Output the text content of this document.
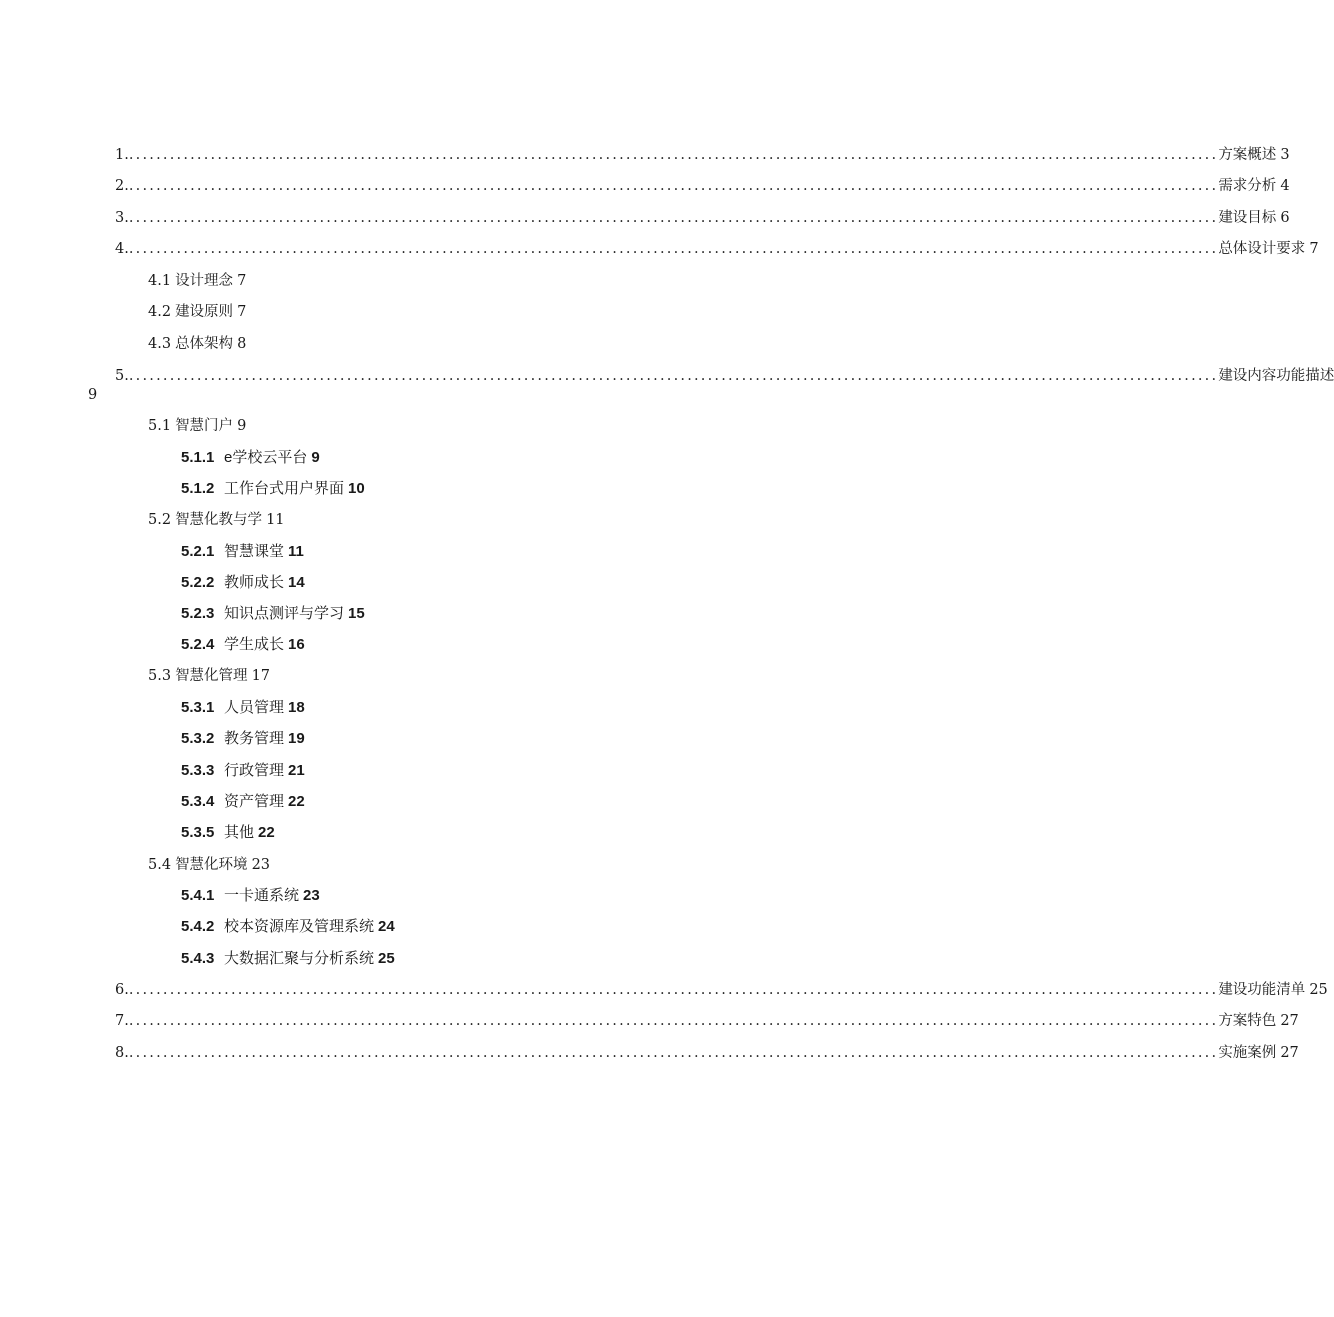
1. ................................................................................................................................................................ 方案概述 3
2. ................................................................................................................................................................ 需求分析 4
3. ................................................................................................................................................................ 建设目标 6
4. ................................................................................................................................................................ 总体设计要求 7
4.1 设计理念 7
4.2 建设原则 7
4.3 总体架构 8
5. ................................................................................................................................................................ 建设内容功能描述
9
5.1 智慧门户 9
5.1.1 e学校云平台 9
5.1.2 工作台式用户界面 10
5.2 智慧化教与学 11
5.2.1 智慧课堂 11
5.2.2 教师成长 14
5.2.3 知识点测评与学习 15
5.2.4 学生成长 16
5.3 智慧化管理 17
5.3.1 人员管理 18
5.3.2 教务管理 19
5.3.3 行政管理 21
5.3.4 资产管理 22
5.3.5 其他 22
5.4 智慧化环境 23
5.4.1 一卡通系统 23
5.4.2 校本资源库及管理系统 24
5.4.3 大数据汇聚与分析系统 25
6. ................................................................................................................................................................ 建设功能清单 25
7. ................................................................................................................................................................ 方案特色 27
8. ................................................................................................................................................................ 实施案例 27
